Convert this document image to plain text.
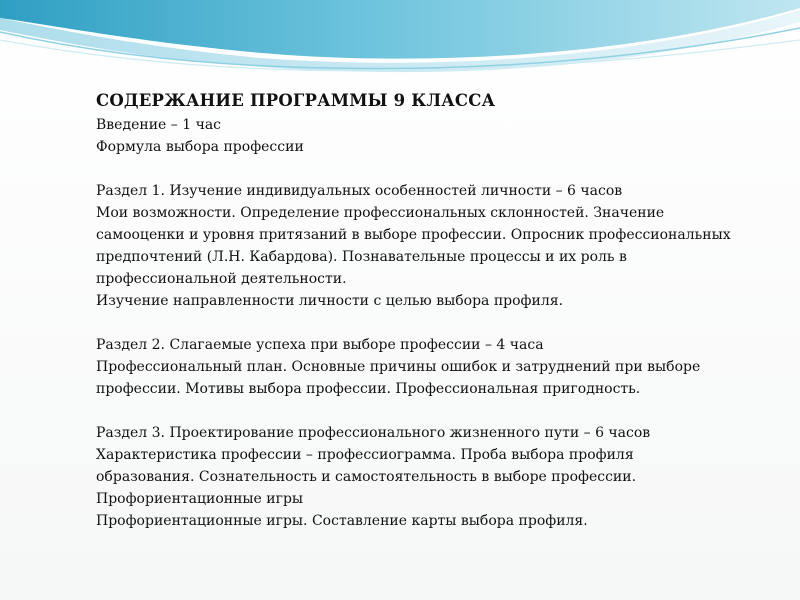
СОДЕРЖАНИЕ ПРОГРАММЫ 9 КЛАССА

Введение – 1 час

Формула выбора профессии

Раздел 1. Изучение индивидуальных особенностей личности – 6 часов

Мои возможности. Определение профессиональных склонностей. Значение самооценки и уровня притязаний в выборе профессии. Опросник профессиональных предпочтений (Л.Н. Кабардова). Познавательные процессы и их роль в профессиональной деятельности.

Изучение направленности личности с целью выбора профиля.

Раздел 2. Слагаемые успеха при выборе профессии – 4 часа

Профессиональный план. Основные причины ошибок и затруднений при выборе профессии. Мотивы выбора профессии. Профессиональная пригодность.

Раздел 3. Проектирование профессионального жизненного пути – 6 часов

Характеристика профессии – профессиограмма. Проба выбора профиля образования. Сознательность и самостоятельность в выборе профессии.

Профориентационные игры

Профориентационные игры. Составление карты выбора профиля.
